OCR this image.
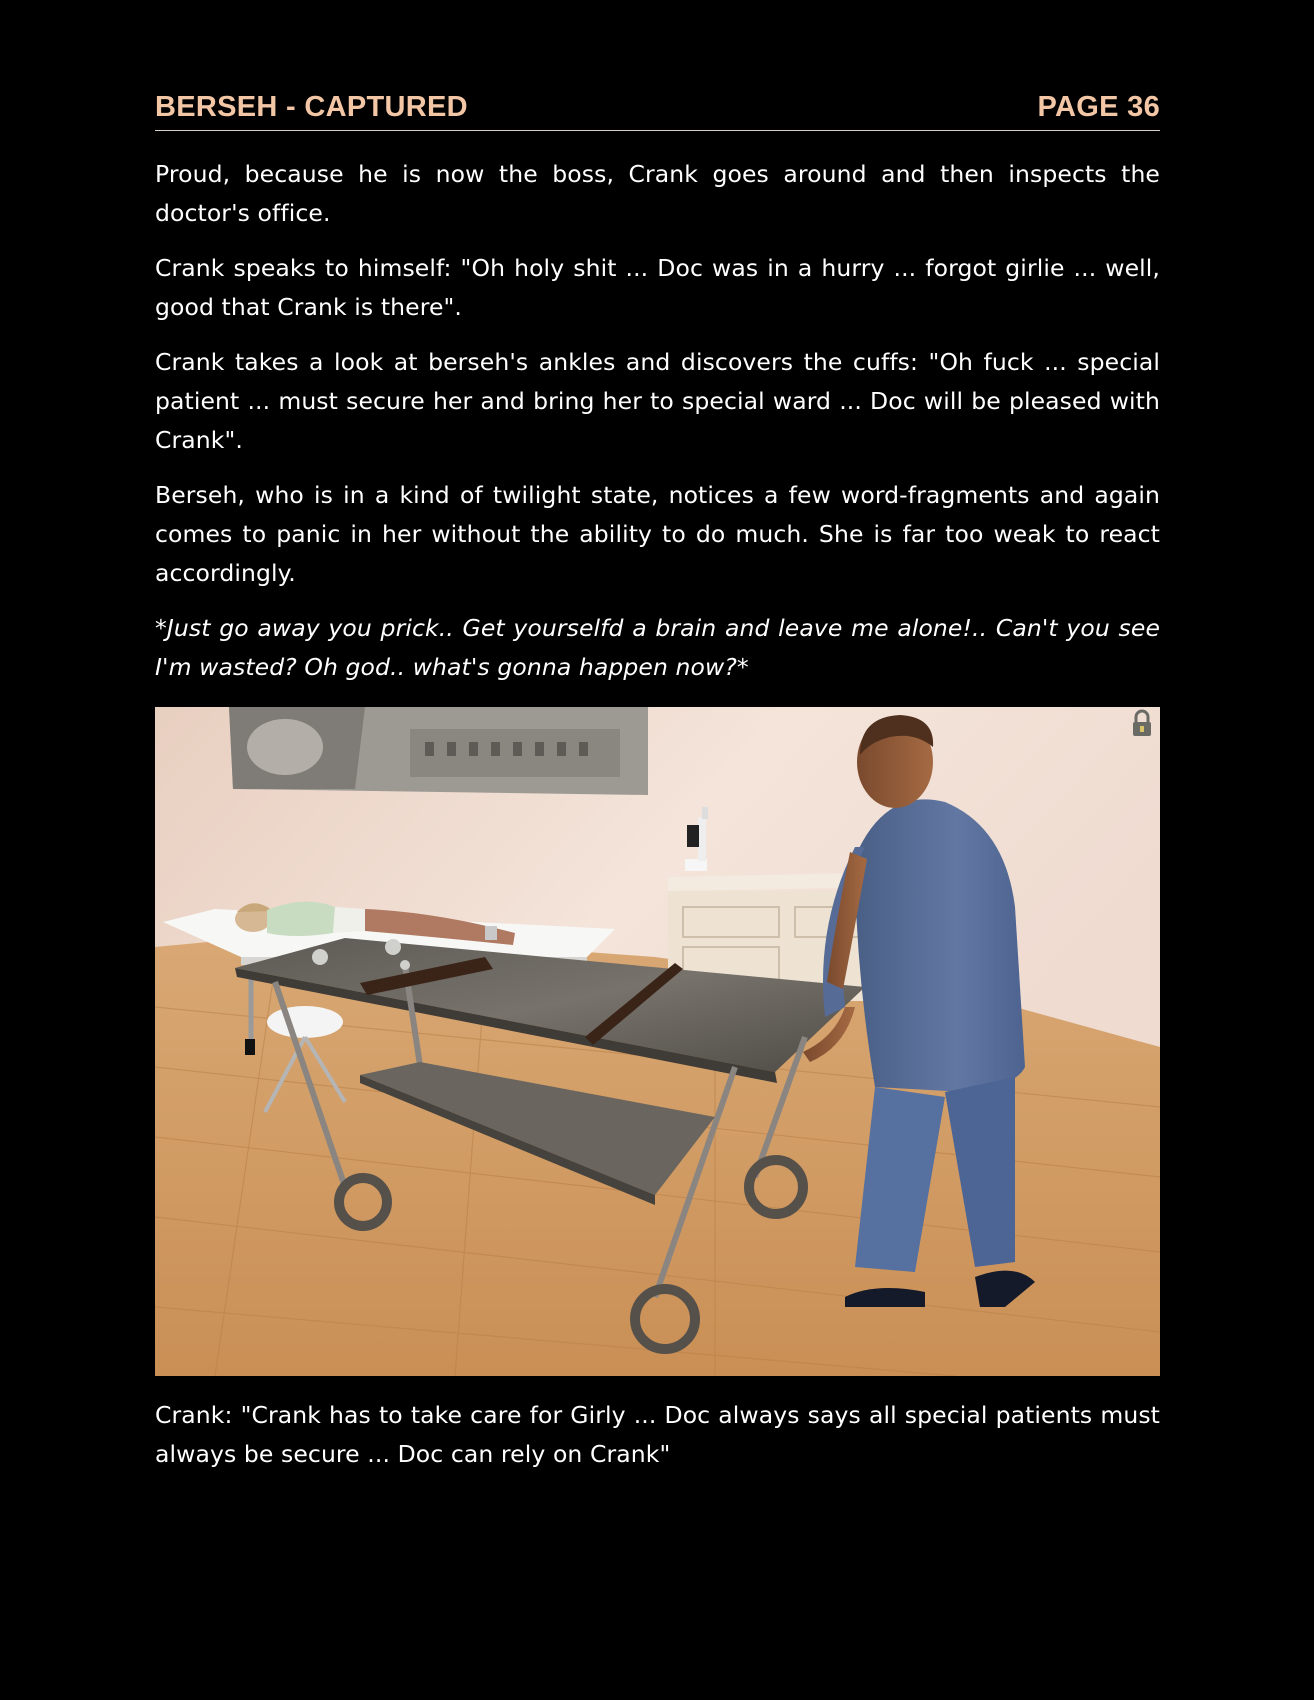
BERSEH - CAPTURED	PAGE 36

Proud, because he is now the boss, Crank goes around and then inspects the doctor's office.

Crank speaks to himself: "Oh holy shit ... Doc was in a hurry ... forgot girlie ... well, good that Crank is there".

Crank takes a look at berseh's ankles and discovers the cuffs: "Oh fuck ... special patient ... must secure her and bring her to special ward ... Doc will be pleased with Crank".

Berseh, who is in a kind of twilight state, notices a few word-fragments and again comes to panic in her without the ability to do much. She is far too weak to react accordingly.

*Just go away you prick.. Get yourselfd a brain and leave me alone!.. Can't you see I'm wasted? Oh god.. what's gonna happen now?*

Crank: "Crank has to take care for Girly ... Doc always says all special patients must always be secure ... Doc can rely on Crank"
